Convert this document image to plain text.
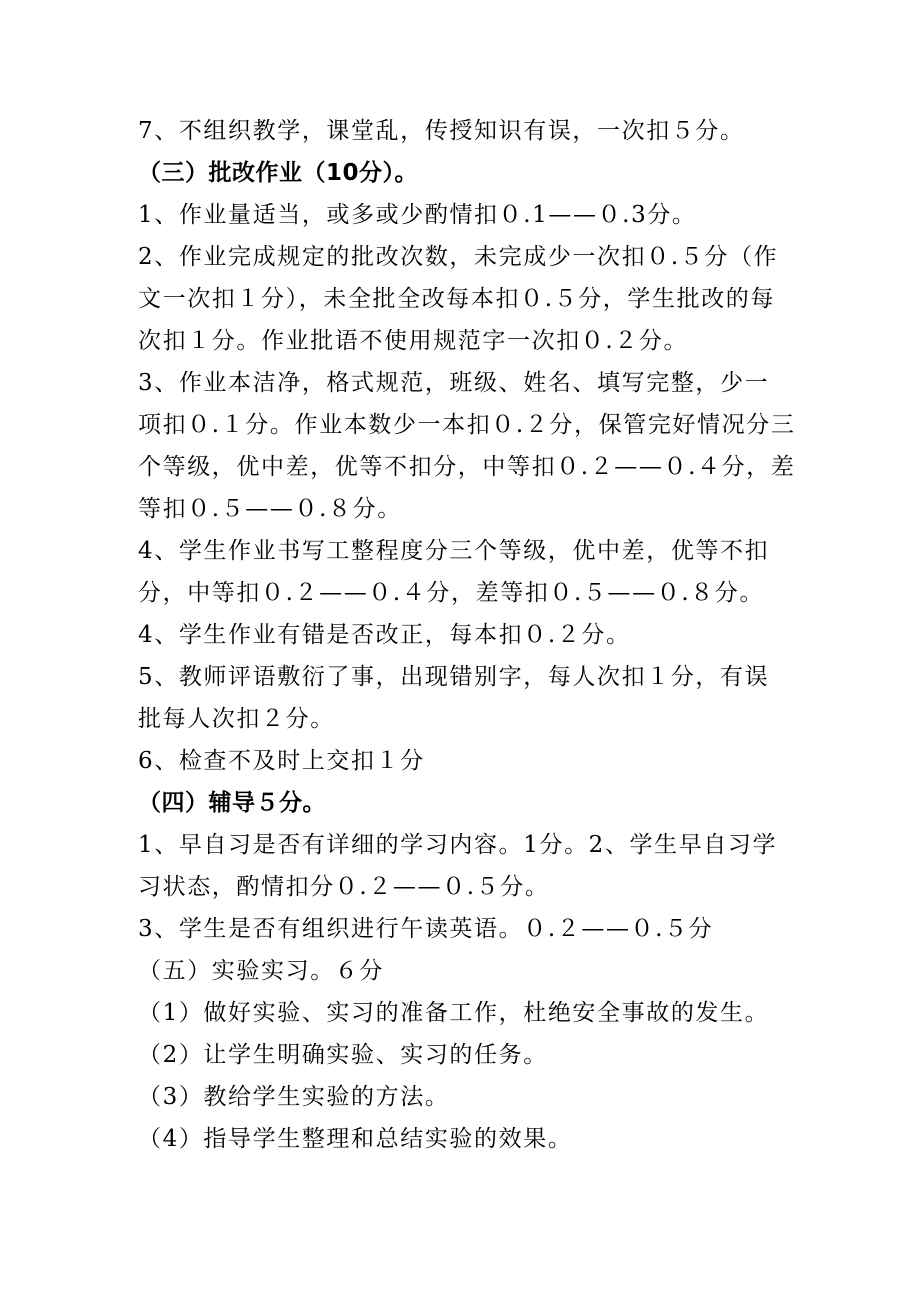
7、不组织教学，课堂乱，传授知识有误，一次扣５分。
（三）批改作业（10分）。
1、作业量适当，或多或少酌情扣０.1——０.3分。
2、作业完成规定的批改次数，未完成少一次扣０.５分（作
文一次扣１分），未全批全改每本扣０.５分，学生批改的每
次扣１分。作业批语不使用规范字一次扣０.２分。
3、作业本洁净，格式规范，班级、姓名、填写完整，少一
项扣０.１分。作业本数少一本扣０.２分，保管完好情况分三
个等级，优中差，优等不扣分，中等扣０.２——０.４分，差
等扣０.５——０.８分。
4、学生作业书写工整程度分三个等级，优中差，优等不扣
分，中等扣０.２——０.４分，差等扣０.５——０.８分。
4、学生作业有错是否改正，每本扣０.２分。
5、教师评语敷衍了事，出现错别字，每人次扣１分，有误
批每人次扣２分。
6、检查不及时上交扣１分
（四）辅导５分。
1、早自习是否有详细的学习内容。1分。2、学生早自习学
习状态，酌情扣分０.２——０.５分。
3、学生是否有组织进行午读英语。０.２——０.５分
（五）实验实习。６分
（1）做好实验、实习的准备工作，杜绝安全事故的发生。
（2）让学生明确实验、实习的任务。
（3）教给学生实验的方法。
（4）指导学生整理和总结实验的效果。
